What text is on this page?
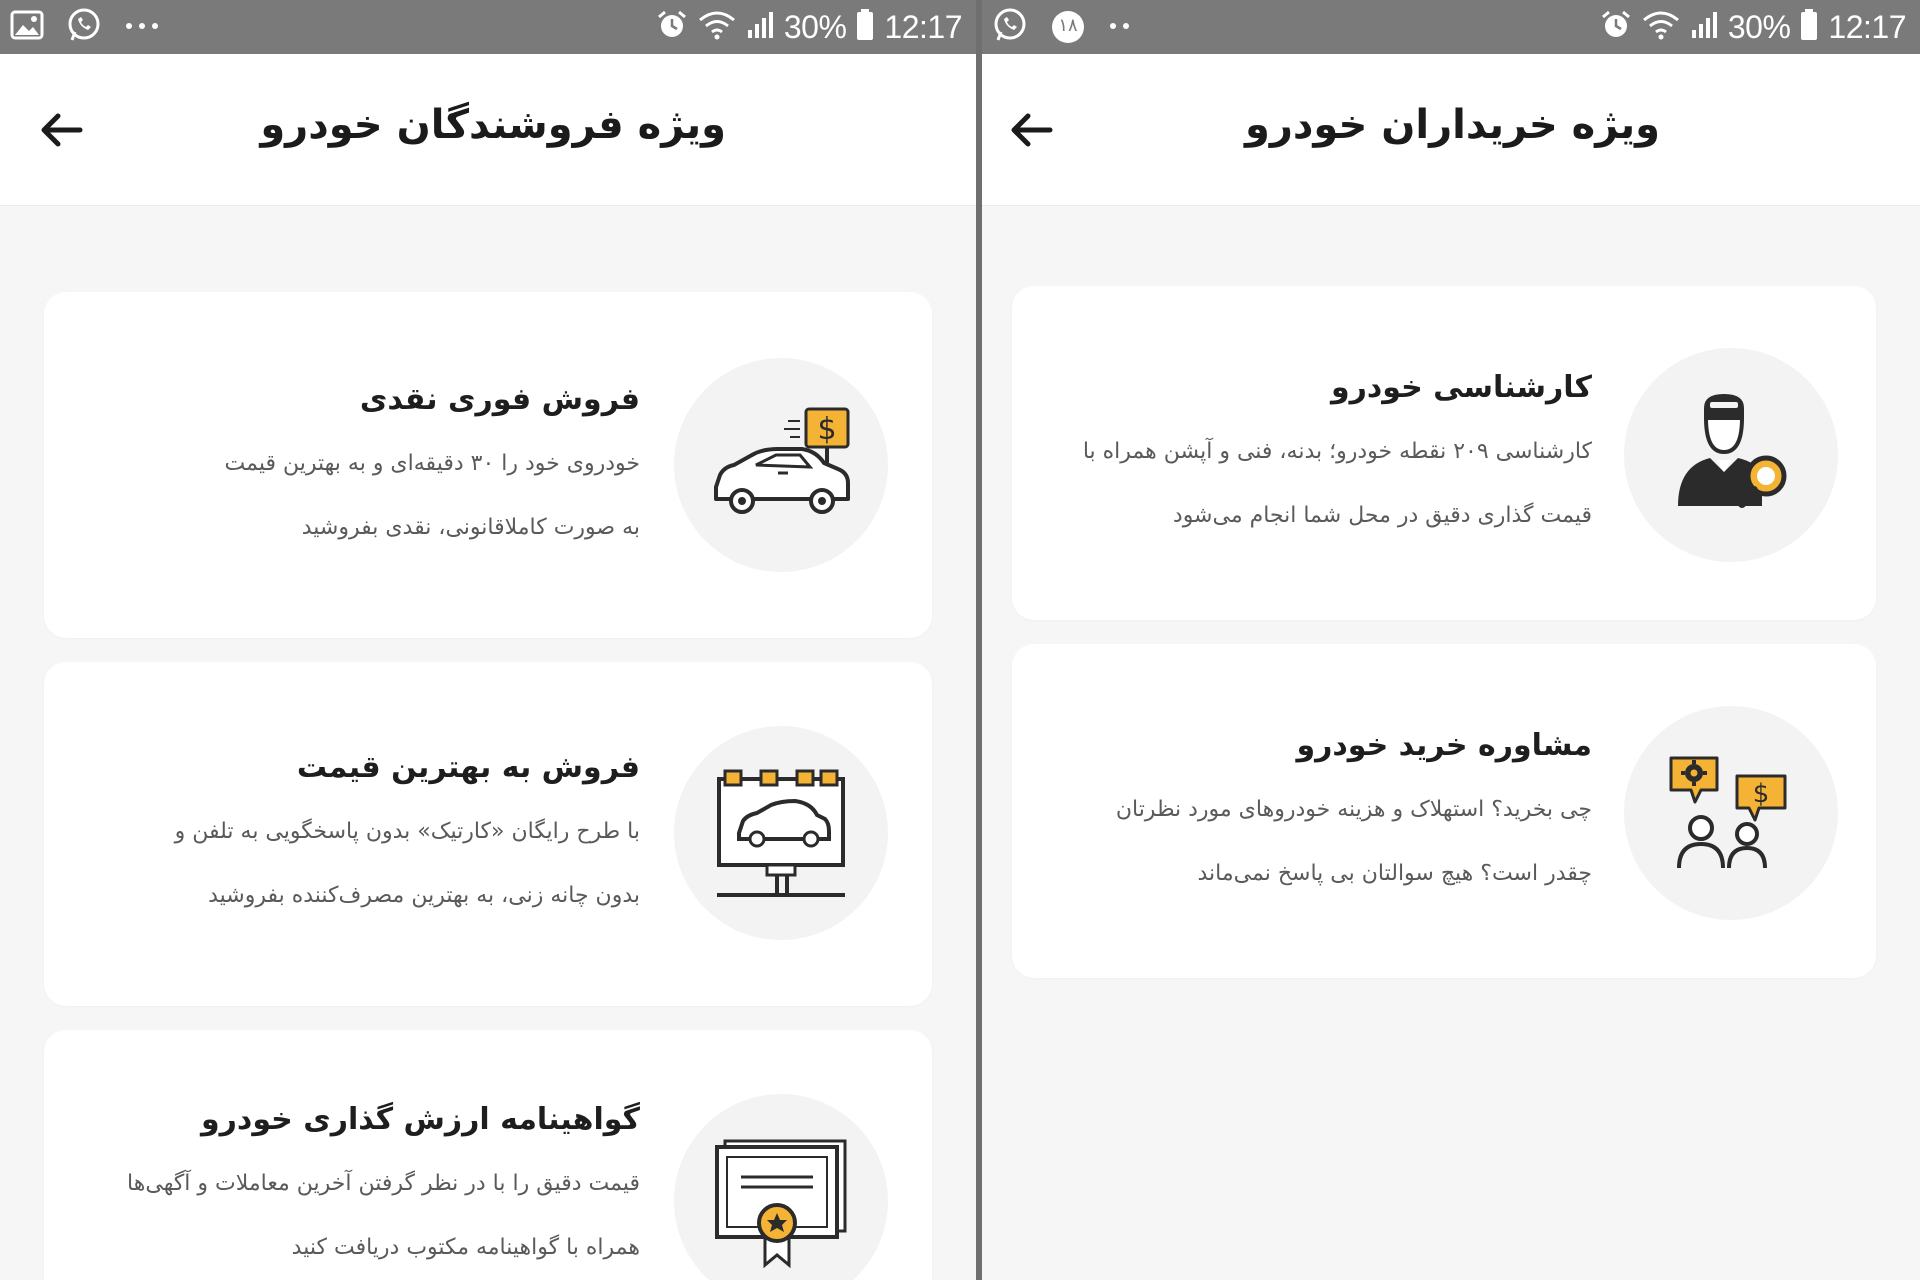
30% 12:17
ویژه فروشندگان خودرو
$
فروش فوری نقدی
خودروی خود را ۳۰ دقیقه‌ای و به بهترین قیمت
به صورت کاملاقانونی، نقدی بفروشید
فروش به بهترین قیمت
با طرح رایگان «کارتیک» بدون پاسخگویی به تلفن و
بدون چانه زنی، به بهترین مصرف‌کننده بفروشید
گواهینامه ارزش گذاری خودرو
قیمت دقیق را با در نظر گرفتن آخرین معاملات و آگهی‌ها
همراه با گواهینامه مکتوب دریافت کنید
۱۸	30% 12:17
ویژه خریداران خودرو
کارشناسی خودرو
کارشناسی ۲۰۹ نقطه خودرو؛ بدنه، فنی و آپشن همراه با
قیمت گذاری دقیق در محل شما انجام می‌شود
$
مشاوره خرید خودرو
چی بخرید؟ استهلاک و هزینه خودروهای مورد نظرتان
چقدر است؟ هیچ سوالتان بی پاسخ نمی‌ماند
